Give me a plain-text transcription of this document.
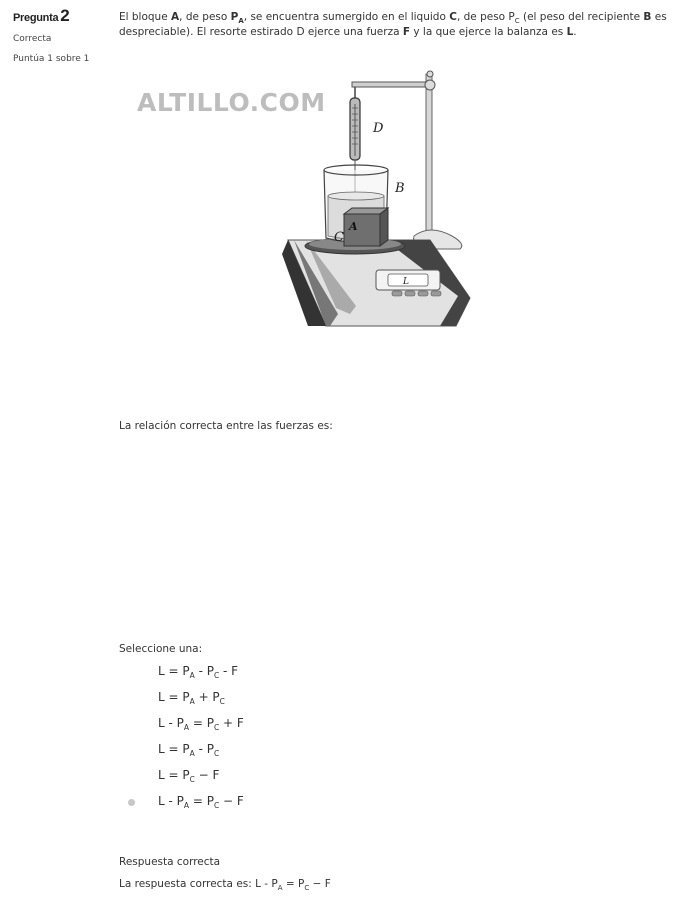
Pregunta 2
Correcta
Puntúa 1 sobre 1
El bloque A, de peso $P_A$, se encuentra sumergido en el liquido C, de peso $P_C$ (el peso del recipiente B es despreciable). El resorte estirado D ejerce una fuerza F y la que ejerce la balanza es L.
ALTILLO.COM
D
L
B
A
C
La relación correcta entre las fuerzas es:
Seleccione una:
$L = P_A - P_C - F$
$L = P_A + P_C$
$L - P_A = P_C + F$
$L = P_A - P_C$
$L = P_C - F$
$L - P_A = P_C - F$
Respuesta correcta
La respuesta correcta es: $L - P_A = P_C - F$
